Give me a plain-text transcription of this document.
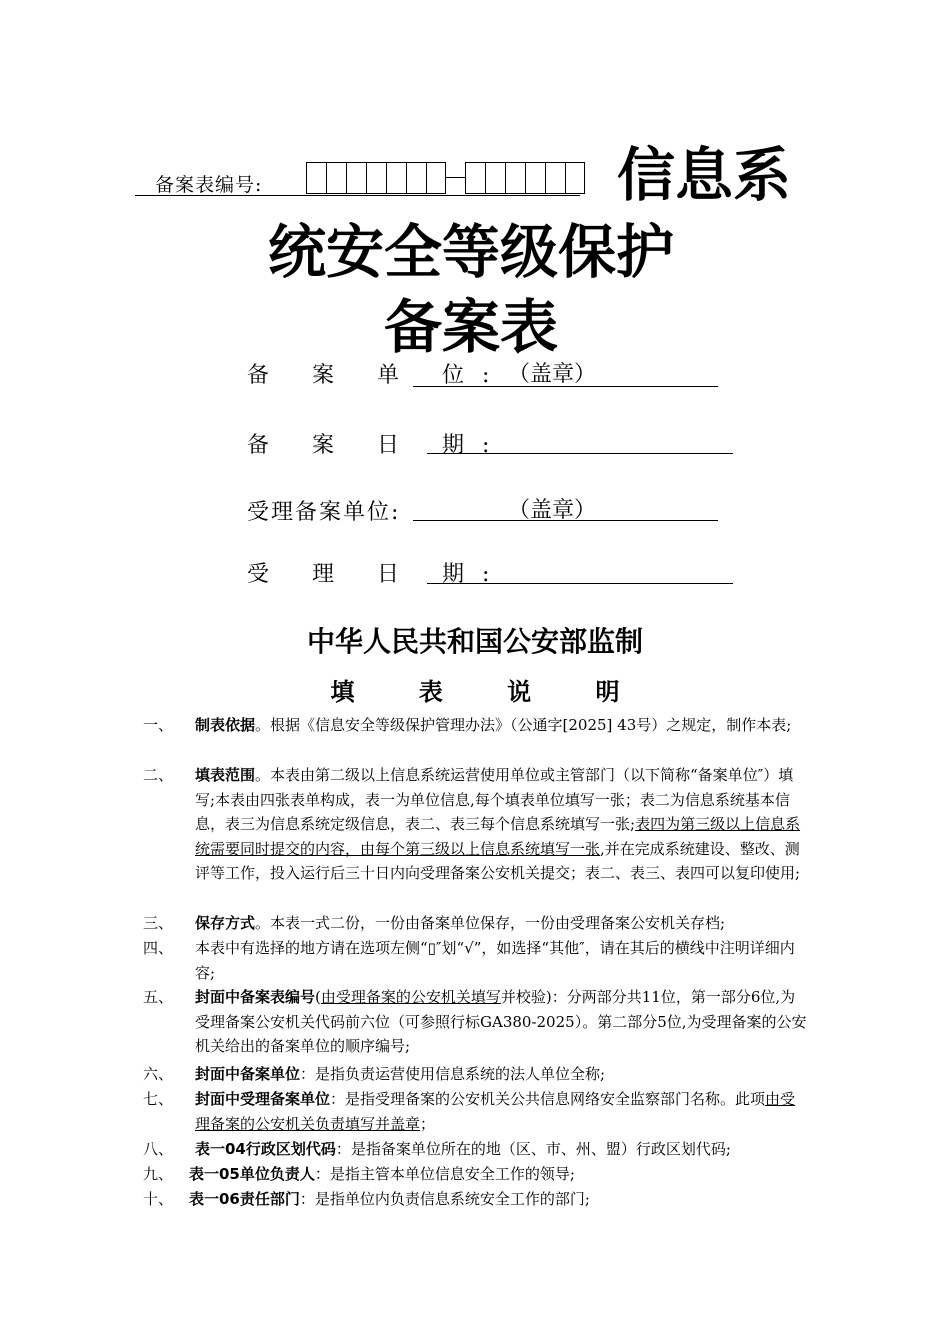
备案表编号:	信息系
统安全等级保护
备案表
备 案 单 位: （盖章）
备 案 日 期:
受理备案单位:	（盖章）
受 理 日 期:
中华人民共和国公安部监制
填 表 说 明
一、 制表依据。根据《信息安全等级保护管理办法》（公通字[2025] 43号）之规定，制作本表;
二、 填表范围。本表由第二级以上信息系统运营使用单位或主管部门（以下简称“备案单位″）填写;本表由四张表单构成，表一为单位信息,每个填表单位填写一张；表二为信息系统基本信息，表三为信息系统定级信息，表二、表三每个信息系统填写一张;表四为第三级以上信息系统需要同时提交的内容，由每个第三级以上信息系统填写一张,并在完成系统建设、整改、测评等工作，投入运行后三十日内向受理备案公安机关提交；表二、表三、表四可以复印使用;
三、 保存方式。本表一式二份，一份由备案单位保存，一份由受理备案公安机关存档;
四、 本表中有选择的地方请在选项左侧“▯″划“√”，如选择“其他″，请在其后的横线中注明详细内容;
五、 封面中备案表编号(由受理备案的公安机关填写并校验)：分两部分共11位，第一部分6位,为受理备案公安机关代码前六位（可参照行标GA380-2025）。第二部分5位,为受理备案的公安机关给出的备案单位的顺序编号;
六、 封面中备案单位：是指负责运营使用信息系统的法人单位全称;
七、 封面中受理备案单位：是指受理备案的公安机关公共信息网络安全监察部门名称。此项由受理备案的公安机关负责填写并盖章；
八、 表一04行政区划代码：是指备案单位所在的地（区、市、州、盟）行政区划代码;
九、 表一05单位负责人：是指主管本单位信息安全工作的领导;
十、 表一06责任部门：是指单位内负责信息系统安全工作的部门;
